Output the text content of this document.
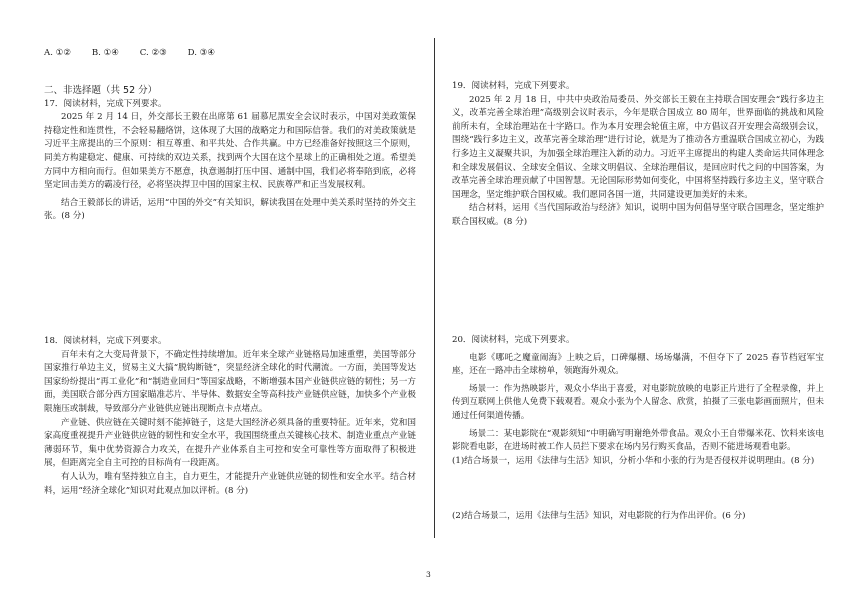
A. ①② B. ①④ C. ②③ D. ③④

二、非选择题（共 52 分）

17．阅读材料，完成下列要求。

2025 年 2 月 14 日，外交部长王毅在出席第 61 届慕尼黑安全会议时表示，中国对美政策保持稳定性和连贯性，不会轻易翻烙饼，这体现了大国的战略定力和国际信誉。我们的对美政策就是习近平主席提出的三个原则：相互尊重、和平共处、合作共赢。中方已经准备好按照这三个原则，同美方构建稳定、健康、可持续的双边关系，找到两个大国在这个星球上的正确相处之道。希望美方同中方相向而行。但如果美方不愿意，执意遏制打压中国、通制中国，我们必将奉陪到底，必将坚定回击美方的霸凌行径，必将坚决捍卫中国的国家主权、民族尊严和正当发展权利。

结合王毅部长的讲话，运用“中国的外交”有关知识，解读我国在处理中美关系时坚持的外交主张。(8 分)

18．阅读材料，完成下列要求。

百年未有之大变局背景下，不确定性持续增加。近年来全球产业链格局加速重塑，美国等部分国家推行单边主义，贸易主义大搞“脱钩断链”，突显经济全球化的时代潮流。一方面，美国等发达国家纷纷提出“再工业化”和“制造业回归”等国家战略，不断增强本国产业链供应链的韧性；另一方面，美国联合部分西方国家瞄准芯片、半导体、数据安全等高科技产业链供应链，加快多个产业极限施压或制裁，导致部分产业链供应链出现断点卡点堵点。

产业链、供应链在关键时刻不能掉链子，这是大国经济必须具备的重要特征。近年来，党和国家高度重视提升产业链供应链的韧性和安全水平，我国围绕重点关键核心技术、制造业重点产业链薄弱环节，集中优势资源合力攻关，在提升产业体系自主可控和安全可靠性等方面取得了积极进展，但距离完全自主可控的目标尚有一段距离。

有人认为，唯有坚持独立自主，自力更生，才能提升产业链供应链的韧性和安全水平。结合材料，运用“经济全球化”知识对此观点加以评析。(8 分)

19．阅读材料，完成下列要求。

2025 年 2 月 18 日，中共中央政治局委员、外交部长王毅在主持联合国安理会“践行多边主义，改革完善全球治理”高级别会议时表示，今年是联合国成立 80 周年，世界面临的挑战和风险前所未有，全球治理站在十字路口。作为本月安理会轮值主席，中方倡议召开安理会高级别会议，围绕“践行多边主义，改革完善全球治理”进行讨论，就是为了推动各方重温联合国成立初心，为践行多边主义凝聚共识，为加强全球治理注入新的动力。习近平主席提出的构建人类命运共同体理念和全球发展倡议、全球安全倡议、全球文明倡议、全球治理倡议，是回应时代之问的中国答案，为改革完善全球治理贡献了中国智慧。无论国际形势如何变化，中国将坚持践行多边主义，坚守联合国理念，坚定维护联合国权威。我们愿同各国一道，共同建设更加美好的未来。

结合材料，运用《当代国际政治与经济》知识，说明中国为何倡导坚守联合国理念，坚定维护联合国权威。(8 分)

20．阅读材料，完成下列要求。

电影《哪吒之魔童闹海》上映之后，口碑爆棚、场场爆满，不但夺下了 2025 春节档冠军宝座，还在一路冲击全球榜单，领跑海外观众。

场景一：作为热映影片，观众小华出于喜爱，对电影院放映的电影正片进行了全程录像，并上传到互联网上供他人免费下载观看。观众小张为个人留念、欣赏，拍摄了三张电影画面照片，但未通过任何渠道传播。

场景二：某电影院在“观影须知”中明确写明谢绝外带食品。观众小王自带爆米花、饮料来该电影院看电影，在进场时被工作人员拦下要求在场内另行购买食品，否则不能进场观看电影。

(1)结合场景一，运用《法律与生活》知识，分析小华和小张的行为是否侵权并说明理由。(8 分)

(2)结合场景二，运用《法律与生活》知识，对电影院的行为作出评价。(6 分)

3
